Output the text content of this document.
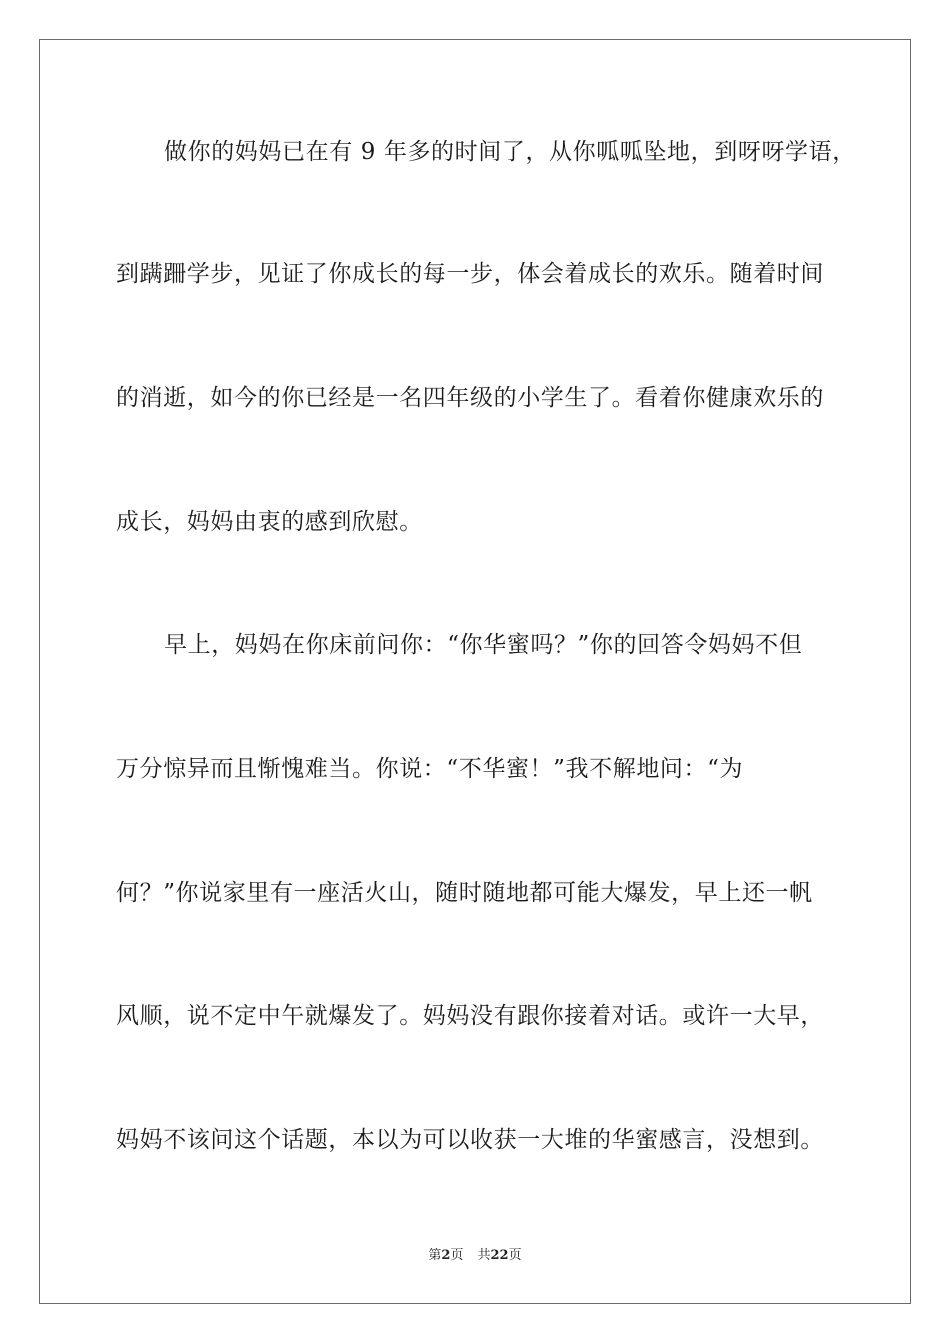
做你的妈妈已在有 9 年多的时间了，从你呱呱坠地，到呀呀学语，
到蹒跚学步，见证了你成长的每一步，体会着成长的欢乐。随着时间
的消逝，如今的你已经是一名四年级的小学生了。看着你健康欢乐的
成长，妈妈由衷的感到欣慰。
早上，妈妈在你床前问你：“你华蜜吗？”你的回答令妈妈不但
万分惊异而且惭愧难当。你说：“不华蜜！”我不解地问：“为
何？”你说家里有一座活火山，随时随地都可能大爆发，早上还一帆
风顺，说不定中午就爆发了。妈妈没有跟你接着对话。或许一大早，
妈妈不该问这个话题，本以为可以收获一大堆的华蜜感言，没想到。
第2页 共22页
